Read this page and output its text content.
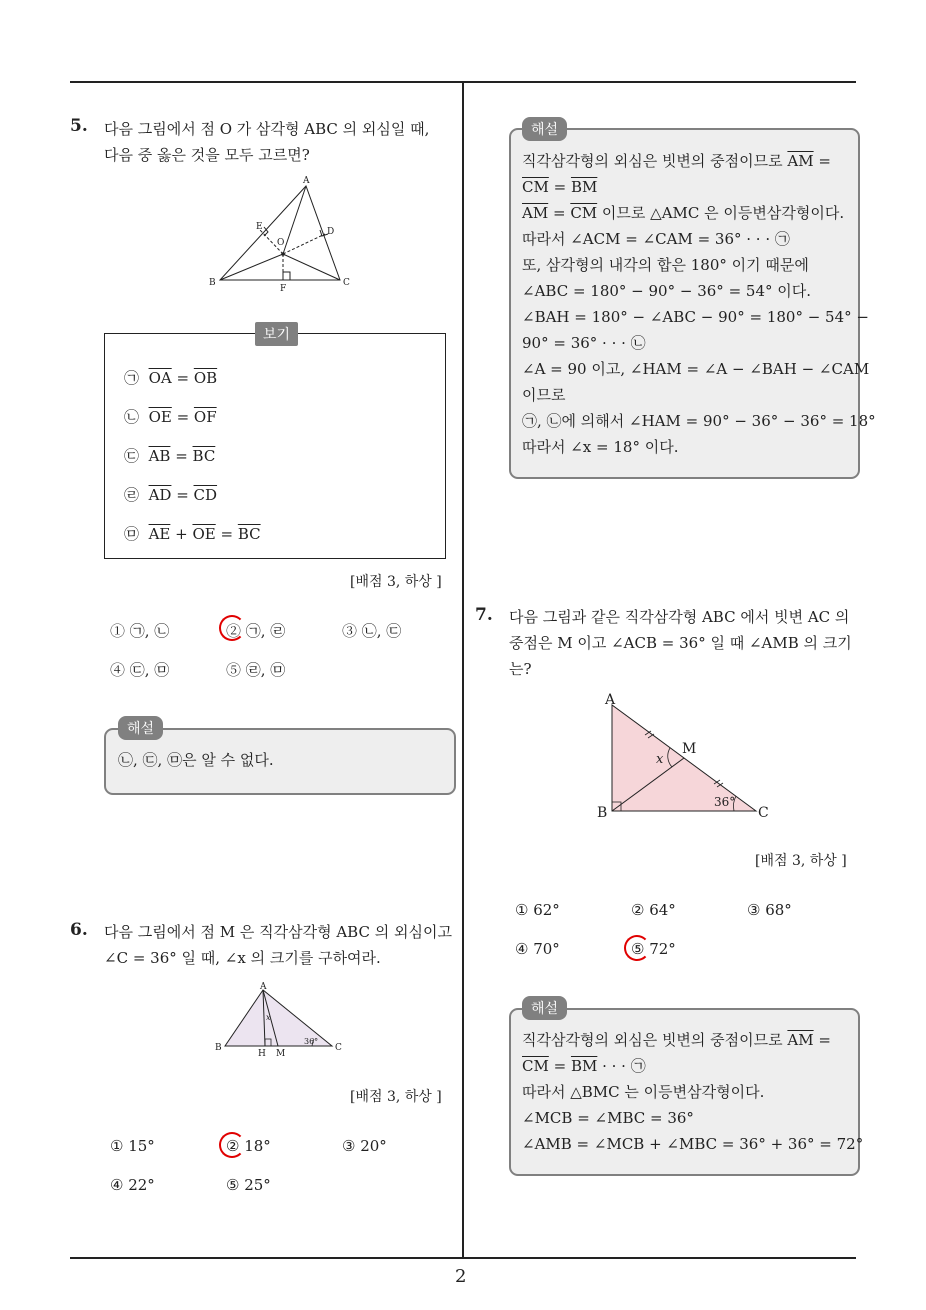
2
5. 다음 그림에서 점 O 가 삼각형 ABC 의 외심일 때,
다음 중 옳은 것을 모두 고르면?
A
B	C
D
E
F
O
보기
㉠ $\overline{OA} = \overline{OB}$
㉡ $\overline{OE} = \overline{OF}$
㉢ $\overline{AB} = \overline{BC}$
㉣ $\overline{AD} = \overline{CD}$
㉤ $\overline{AE} + \overline{OE} = \overline{BC}$
[배점 3, 하상 ]
① ㉠, ㉡	② ㉠, ㉣	③ ㉡, ㉢
④ ㉢, ㉤	⑤ ㉣, ㉤
해설
㉡, ㉢, ㉤은 알 수 없다.
6. 다음 그림에서 점 M 은 직각삼각형 ABC 의 외심이고
∠C = 36° 일 때, ∠x 의 크기를 구하여라.
A
B	C
H M
x
36°
[배점 3, 하상 ]
① 15°	② 18°	③ 20°
④ 22°	⑤ 25°
해설
직각삼각형의 외심은 빗변의 중점이므로 $\overline{AM}$ =
$\overline{CM} = \overline{BM}$
$\overline{AM} = \overline{CM}$ 이므로 △AMC 은 이등변삼각형이다.
따라서 ∠ACM = ∠CAM = 36° · · · ㉠
또, 삼각형의 내각의 합은 180° 이기 때문에
∠ABC = 180° − 90° − 36° = 54° 이다.
∠BAH = 180° − ∠ABC − 90° = 180° − 54° −
90° = 36° · · · ㉡
∠A = 90 이고, ∠HAM = ∠A − ∠BAH − ∠CAM
이므로
㉠, ㉡에 의해서 ∠HAM = 90° − 36° − 36° = 18°
따라서 ∠x = 18° 이다.
7. 다음 그림과 같은 직각삼각형 ABC 에서 빗변 AC 의
중점은 M 이고 ∠ACB = 36° 일 때 ∠AMB 의 크기
는?
A
B	C
M
x
36°
[배점 3, 하상 ]
① 62°	② 64°	③ 68°
④ 70°	⑤ 72°
해설
직각삼각형의 외심은 빗변의 중점이므로 $\overline{AM}$ =
$\overline{CM} = \overline{BM}$ · · · ㉠
따라서 △BMC 는 이등변삼각형이다.
∠MCB = ∠MBC = 36°
∠AMB = ∠MCB + ∠MBC = 36° + 36° = 72°
